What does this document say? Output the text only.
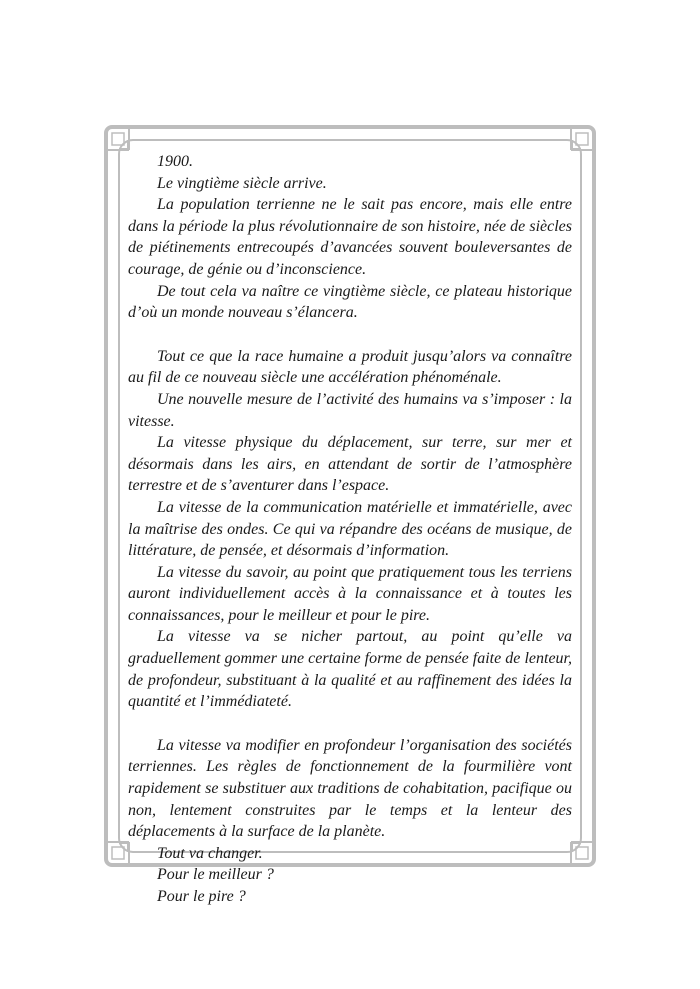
1900.

Le vingtième siècle arrive.

La population terrienne ne le sait pas encore, mais elle entre dans la période la plus révolutionnaire de son histoire, née de siècles de piétinements entrecoupés d’avancées souvent bouleversantes de courage, de génie ou d’inconscience.

De tout cela va naître ce vingtième siècle, ce plateau historique d’où un monde nouveau s’élancera.

Tout ce que la race humaine a produit jusqu’alors va connaître au fil de ce nouveau siècle une accélération phénoménale.

Une nouvelle mesure de l’activité des humains va s’imposer : la vitesse.

La vitesse physique du déplacement, sur terre, sur mer et désormais dans les airs, en attendant de sortir de l’atmosphère terrestre et de s’aventurer dans l’espace.

La vitesse de la communication matérielle et immatérielle, avec la maîtrise des ondes. Ce qui va répandre des océans de musique, de littérature, de pensée, et désormais d’information.

La vitesse du savoir, au point que pratiquement tous les terriens auront individuellement accès à la connaissance et à toutes les connaissances, pour le meilleur et pour le pire.

La vitesse va se nicher partout, au point qu’elle va graduellement gommer une certaine forme de pensée faite de lenteur, de profondeur, substituant à la qualité et au raffinement des idées la quantité et l’immédiateté.

La vitesse va modifier en profondeur l’organisation des sociétés terriennes. Les règles de fonctionnement de la fourmilière vont rapidement se substituer aux traditions de cohabitation, pacifique ou non, lentement construites par le temps et la lenteur des déplacements à la surface de la planète.

Tout va changer.

Pour le meilleur ?

Pour le pire ?
